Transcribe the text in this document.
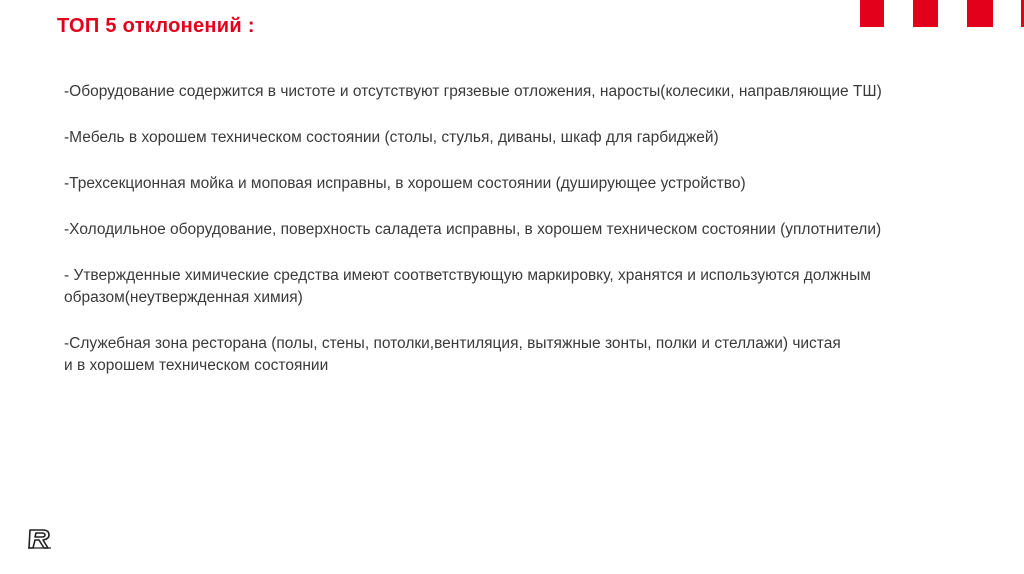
ТОП 5 отклонений :

-Оборудование содержится в чистоте и отсутствуют грязевые отложения, наросты(колесики, направляющие ТШ)

-Мебель в хорошем техническом состоянии (столы, стулья, диваны, шкаф для гарбиджей)

-Трехсекционная мойка и моповая исправны, в хорошем состоянии (душирующее устройство)

-Холодильное оборудование, поверхность саладета исправны, в хорошем техническом состоянии (уплотнители)

- Утвержденные химические средства имеют соответствующую маркировку, хранятся и используются должным
образом(неутвержденная химия)

-Служебная зона ресторана (полы, стены, потолки,вентиляция, вытяжные зонты, полки и стеллажи) чистая
и в хорошем техническом состоянии
